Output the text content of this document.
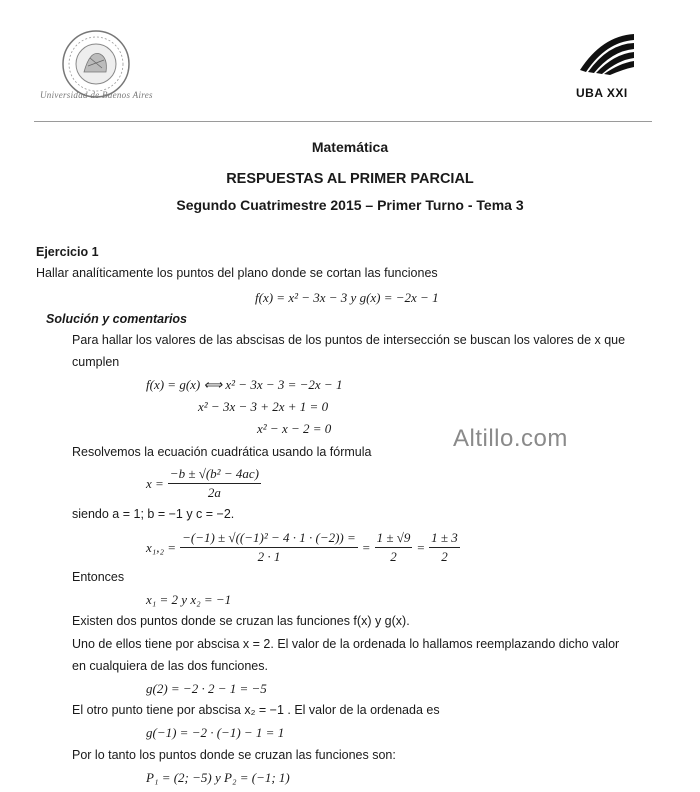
Universidad de Buenos Aires	UBA XXI
Matemática
RESPUESTAS AL PRIMER PARCIAL
Segundo Cuatrimestre 2015 – Primer Turno - Tema 3
Ejercicio 1
Hallar analíticamente los puntos del plano donde se cortan las funciones
f(x) = x² − 3x − 3 y g(x) = −2x − 1
Solución y comentarios
Para hallar los valores de las abscisas de los puntos de intersección se buscan los valores de x que
cumplen
f(x) = g(x) ⟺ x² − 3x − 3 = −2x − 1
x² − 3x − 3 + 2x + 1 = 0
x² − x − 2 = 0
Resolvemos la ecuación cuadrática usando la fórmula
$x = \frac{\text{−b ± √(b² − 4ac)}}{2a}$
siendo a = 1; b = −1 y c = −2.
$x_1,_2 = \frac{\text{−(−1) ± √((−1)² − 4 · 1 · (−2)) =}}{2 \cdot 1} = \frac{1 \pm √9}{2} = \frac{1 \pm 3}{2}$
Entonces
x₁ = 2 y x₂ = −1
Existen dos puntos donde se cruzan las funciones f(x) y g(x).
Uno de ellos tiene por abscisa x = 2. El valor de la ordenada lo hallamos reemplazando dicho valor
en cualquiera de las dos funciones.
g(2) = −2 · 2 − 1 = −5
El otro punto tiene por abscisa x₂ = −1 . El valor de la ordenada es
g(−1) = −2 · (−1) − 1 = 1
Por lo tanto los puntos donde se cruzan las funciones son:
P₁ = (2; −5) y P₂ = (−1; 1)
Altillo.com
